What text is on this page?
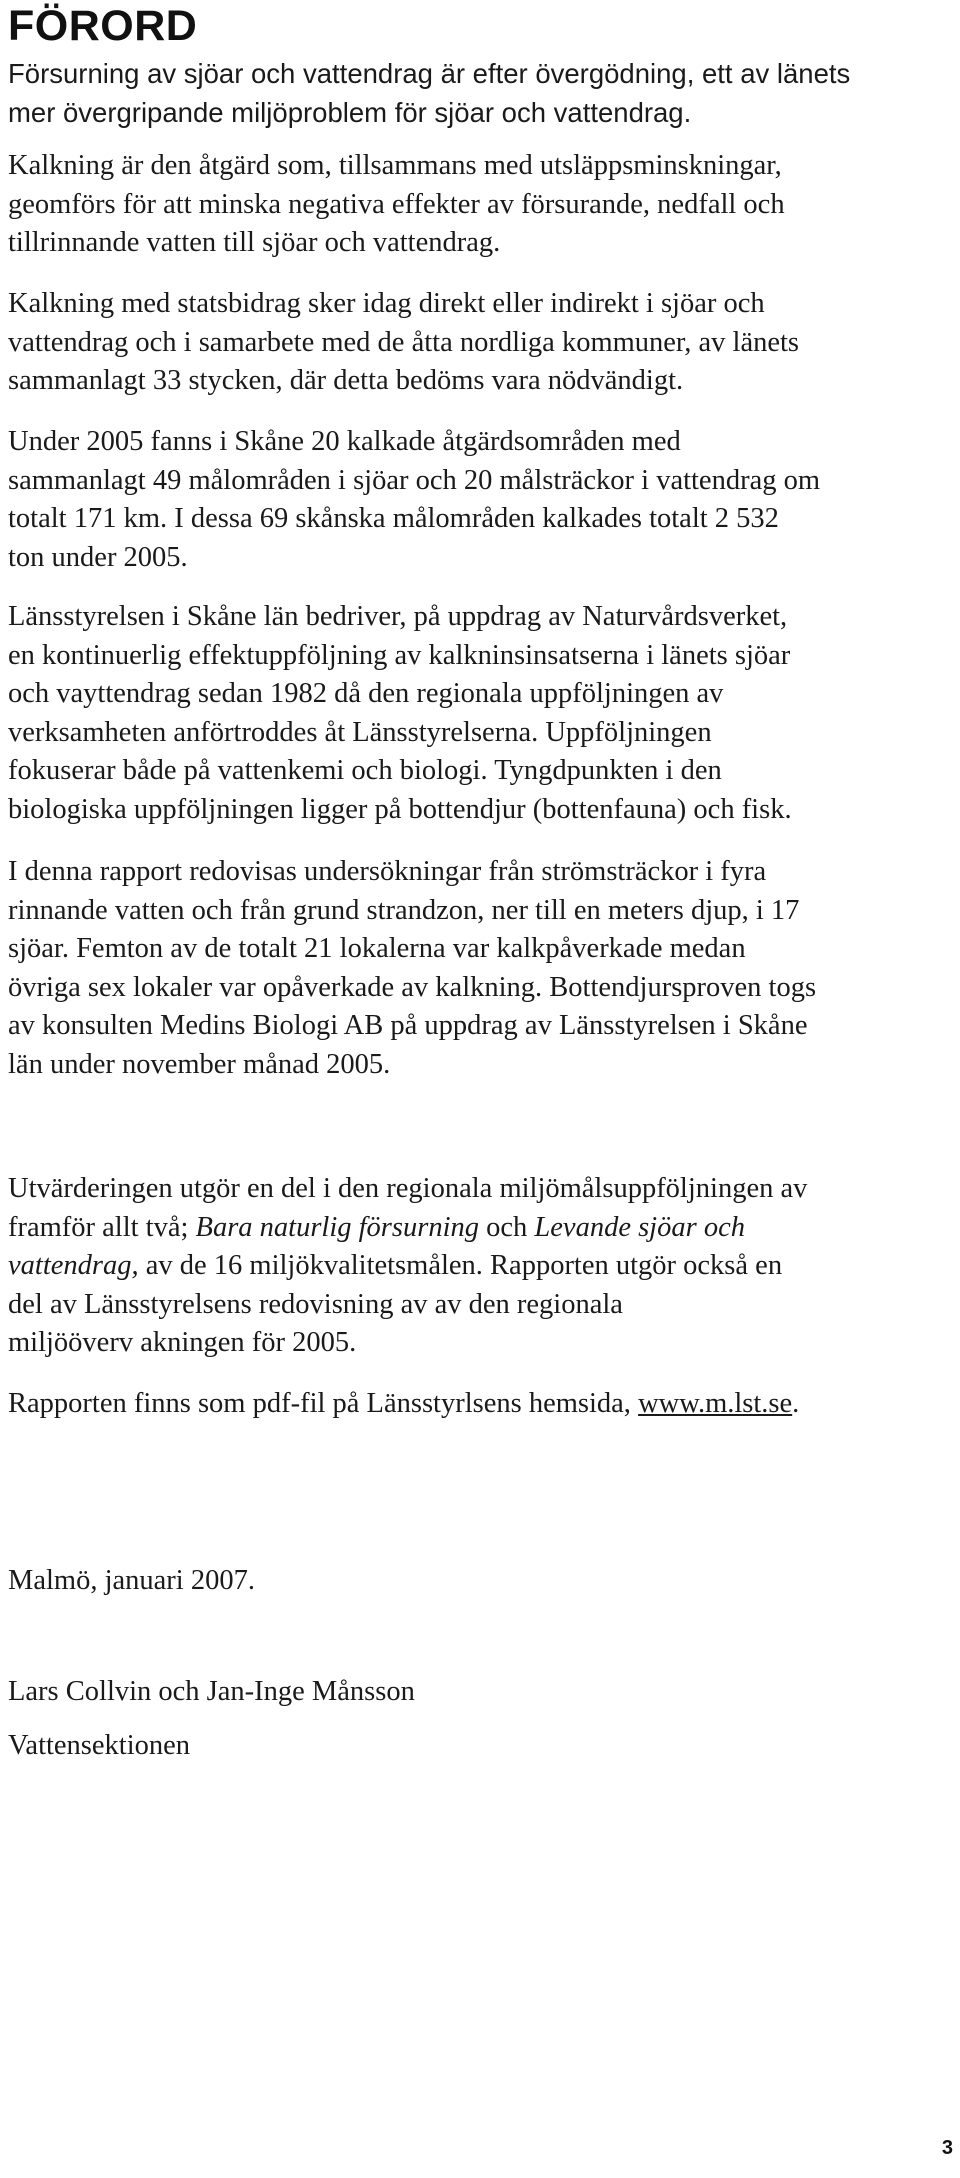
FÖRORD
Försurning av sjöar och vattendrag är efter övergödning, ett av länets
mer övergripande miljöproblem för sjöar och vattendrag.
Kalkning är den åtgärd som, tillsammans med utsläppsminskningar,
geomförs för att minska negativa effekter av försurande, nedfall och
tillrinnande vatten till sjöar och vattendrag.
Kalkning med statsbidrag sker idag direkt eller indirekt i sjöar och
vattendrag och i samarbete med de åtta nordliga kommuner, av länets
sammanlagt 33 stycken, där detta bedöms vara nödvändigt.
Under 2005 fanns i Skåne 20 kalkade åtgärdsområden med
sammanlagt 49 målområden i sjöar och 20 målsträckor i vattendrag om
totalt 171 km. I dessa 69 skånska målområden kalkades totalt 2 532
ton under 2005.
Länsstyrelsen i Skåne län bedriver, på uppdrag av Naturvårdsverket,
en kontinuerlig effektuppföljning av kalkninsinsatserna i länets sjöar
och vayttendrag sedan 1982 då den regionala uppföljningen av
verksamheten anförtroddes åt Länsstyrelserna. Uppföljningen
fokuserar både på vattenkemi och biologi. Tyngdpunkten i den
biologiska uppföljningen ligger på bottendjur (bottenfauna) och fisk.
I denna rapport redovisas undersökningar från strömsträckor i fyra
rinnande vatten och från grund strandzon, ner till en meters djup, i 17
sjöar. Femton av de totalt 21 lokalerna var kalkpåverkade medan
övriga sex lokaler var opåverkade av kalkning. Bottendjursproven togs
av konsulten Medins Biologi AB på uppdrag av Länsstyrelsen i Skåne
län under november månad 2005.
Utvärderingen utgör en del i den regionala miljömålsuppföljningen av
framför allt två; Bara naturlig försurning och Levande sjöar och
vattendrag, av de 16 miljökvalitetsmålen. Rapporten utgör också en
del av Länsstyrelsens redovisning av av den regionala
miljööverv akningen för 2005.
Rapporten finns som pdf-fil på Länsstyrlsens hemsida, www.m.lst.se.
Malmö, januari 2007.
Lars Collvin och Jan-Inge Månsson
Vattensektionen
3
